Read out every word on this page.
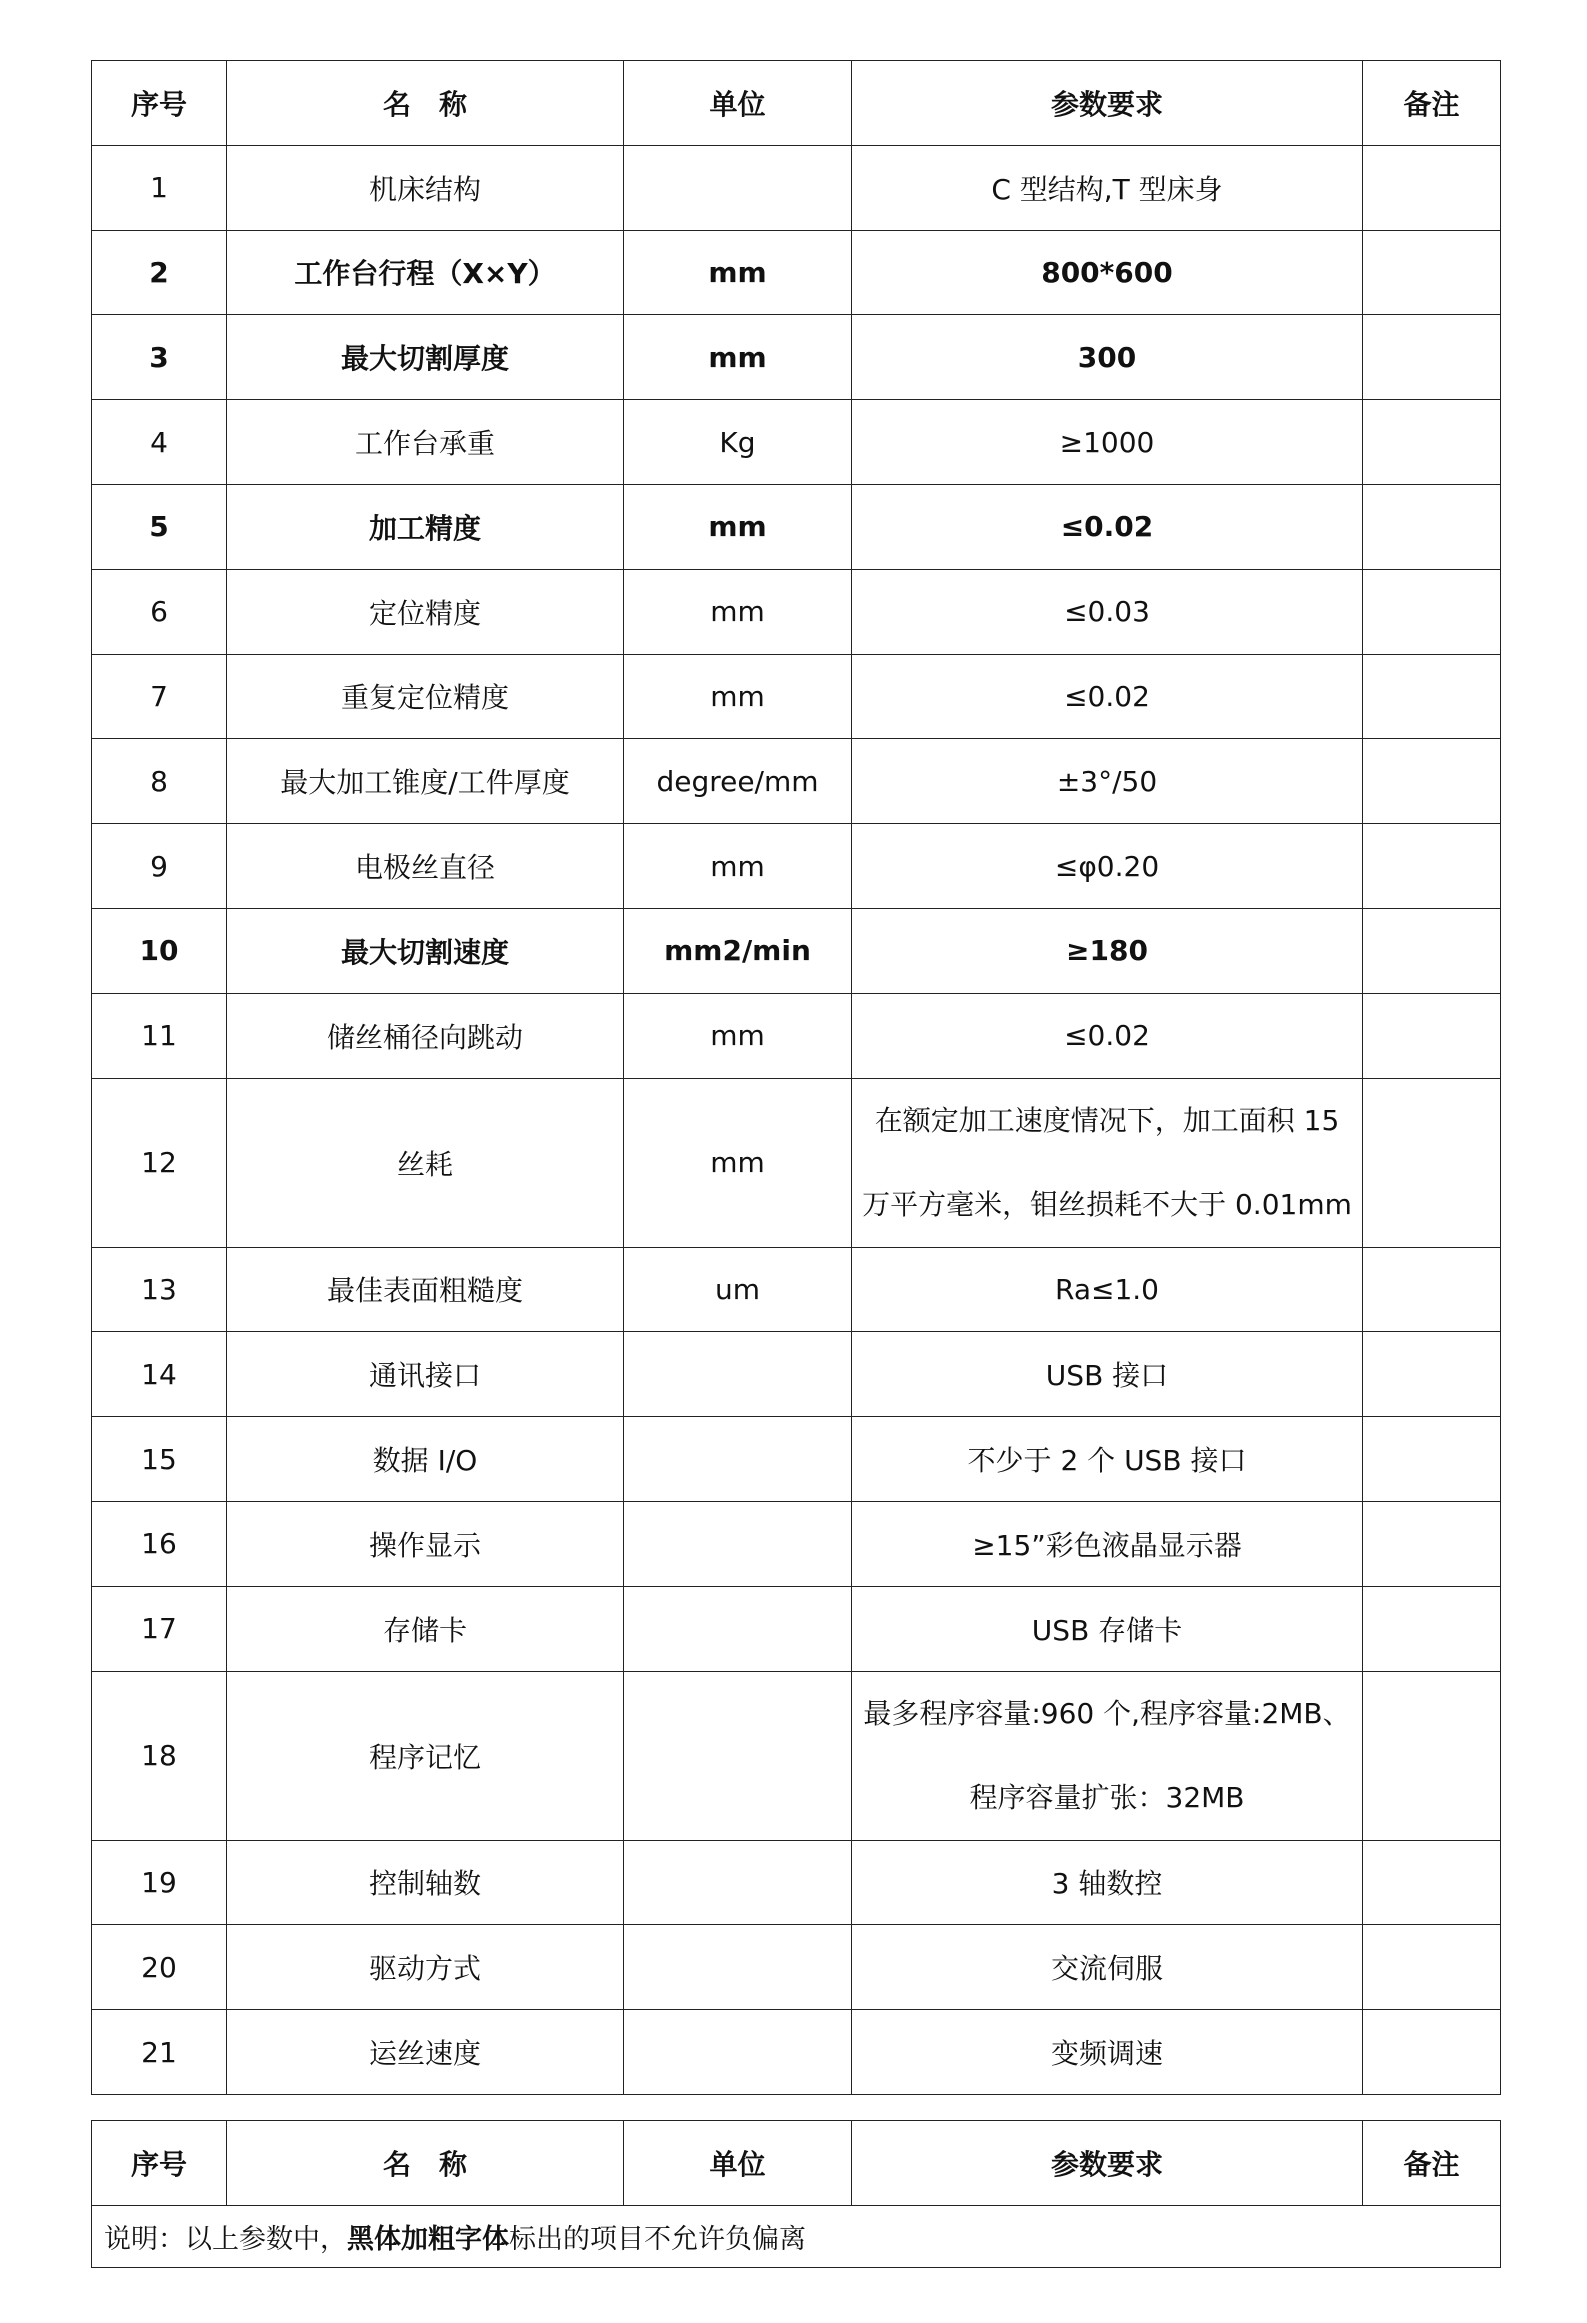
序号	名　称	单位	参数要求	备注
1	机床结构		C 型结构,T 型床身	
2	工作台行程（X×Y）	mm	800*600	
3	最大切割厚度	mm	300	
4	工作台承重	Kg	≥1000	
5	加工精度	mm	≤0.02	
6	定位精度	mm	≤0.03	
7	重复定位精度	mm	≤0.02	
8	最大加工锥度/工件厚度	degree/mm	±3°/50	
9	电极丝直径	mm	≤φ0.20	
10	最大切割速度	mm2/min	≥180	
11	储丝桶径向跳动	mm	≤0.02	
12	丝耗	mm	在额定加工速度情况下，加工面积 15
万平方毫米，钼丝损耗不大于 0.01mm	

13	最佳表面粗糙度	um	Ra≤1.0	
14	通讯接口		USB 接口	
15	数据 I/O		不少于 2 个 USB 接口	
16	操作显示		≥15”彩色液晶显示器	
17	存储卡		USB 存储卡	
18	程序记忆		最多程序容量:960 个,程序容量:2MB、
程序容量扩张：32MB	

19	控制轴数		3 轴数控	
20	驱动方式		交流伺服	
21	运丝速度		变频调速	
序号	名　称	单位	参数要求	备注
说明：以上参数中，黑体加粗字体标出的项目不允许负偏离
